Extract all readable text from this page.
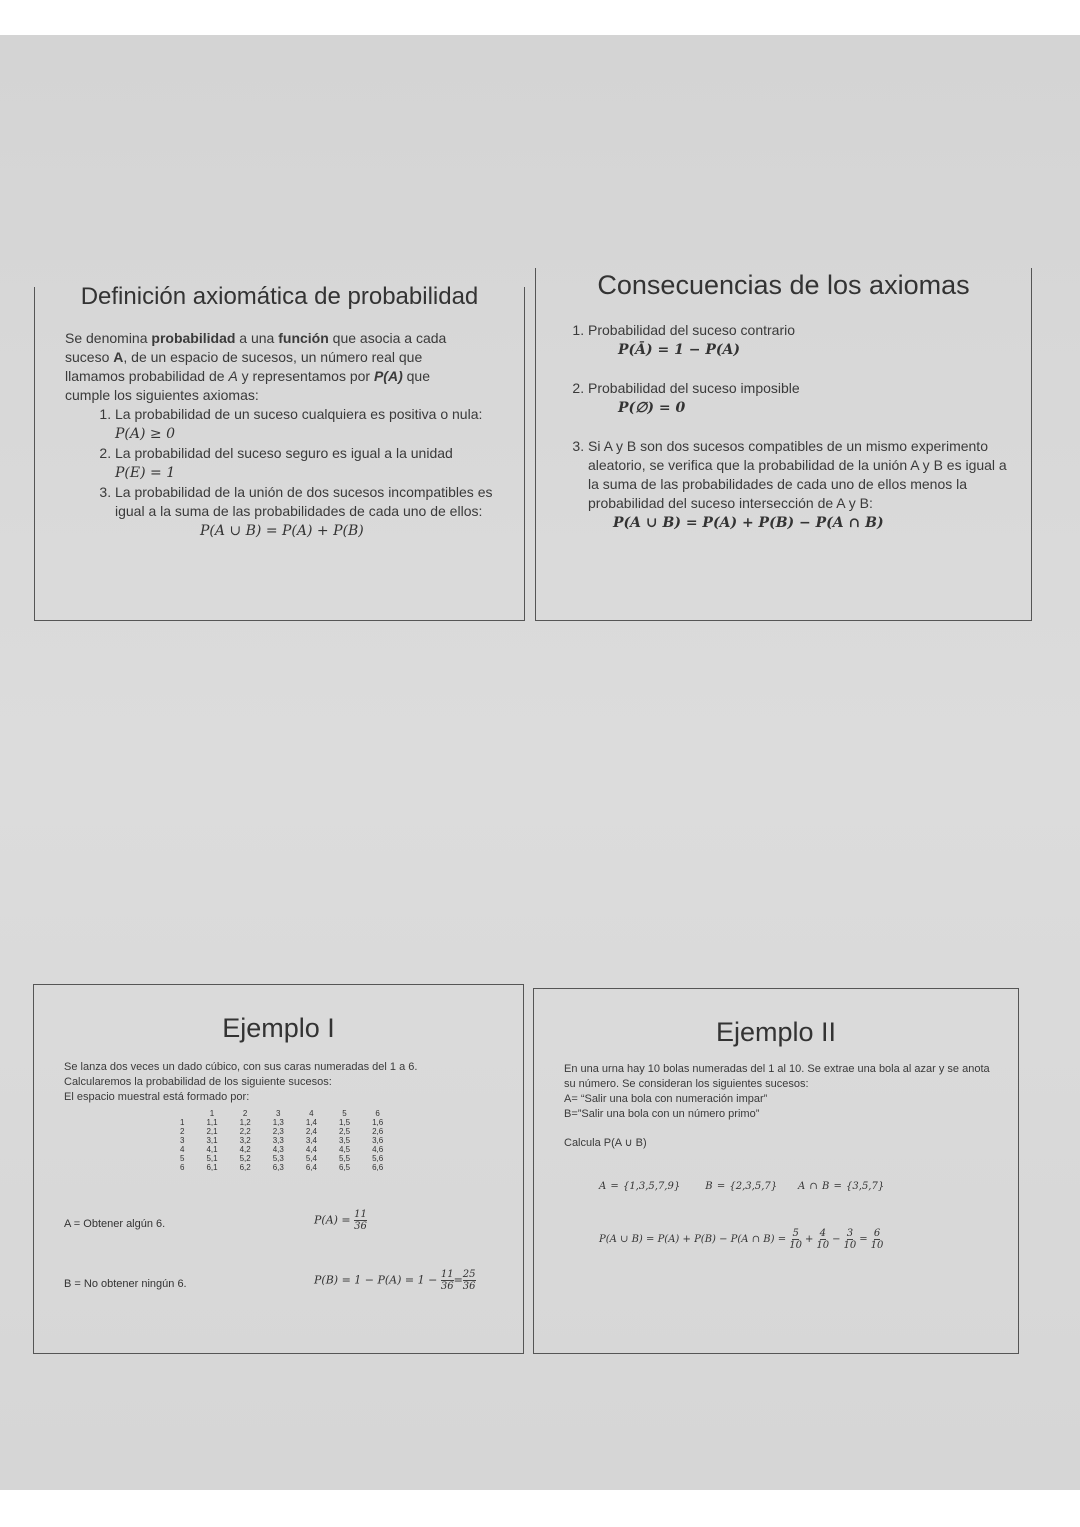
Definición axiomática de probabilidad
Se denomina probabilidad a una función que asocia a cada suceso A, de un espacio de sucesos, un número real que llamamos probabilidad de A y representamos por P(A) que cumple los siguientes axiomas:
1. La probabilidad de un suceso cualquiera es positiva o nula:
P(A) ≥ 0
2. La probabilidad del suceso seguro es igual a la unidad
P(E) = 1
3. La probabilidad de la unión de dos sucesos incompatibles es igual a la suma de las probabilidades de cada uno de ellos:
P(A ∪ B) = P(A) + P(B)
Consecuencias de los axiomas
1. Probabilidad del suceso contrario
P(Ā) = 1 − P(A)

2. Probabilidad del suceso imposible
P(∅) = 0

3. Si A y B son dos sucesos compatibles de un mismo experimento aleatorio, se verifica que la probabilidad de la unión A y B es igual a la suma de las probabilidades de cada uno de ellos menos la probabilidad del suceso intersección de A y B:
P(A ∪ B) = P(A) + P(B) − P(A ∩ B)
Ejemplo I
Se lanza dos veces un dado cúbico, con sus caras numeradas del 1 a 6.
Calcularemos la probabilidad de los siguiente sucesos:
El espacio muestral está formado por:
	1	2	3	4	5	6
1	1,1	1,2	1,3	1,4	1,5	1,6
2	2,1	2,2	2,3	2,4	2,5	2,6
3	3,1	3,2	3,3	3,4	3,5	3,6
4	4,1	4,2	4,3	4,4	4,5	4,6
5	5,1	5,2	5,3	5,4	5,5	5,6
6	6,1	6,2	6,3	6,4	6,5	6,6
A = Obtener algún 6.	$P(A) = \frac{11}{36}$
B = No obtener ningún 6.	$P(B) = 1 - P(A) = 1 - \frac{11}{36} = \frac{25}{36}$
Ejemplo II
En una urna hay 10 bolas numeradas del 1 al 10. Se extrae una bola al azar y se anota su número. Se consideran los siguientes sucesos:
A= “Salir una bola con numeración impar”
B=”Salir una bola con un número primo”
Calcula P(A ∪ B)
A = {1,3,5,7,9}	B = {2,3,5,7} A ∩ B = {3,5,7}
P(A ∪ B) = P(A) + P(B) − P(A ∩ $B) = \frac{5}{10} + \frac{4}{10} - \frac{3}{10} = \frac{6}{10}$
